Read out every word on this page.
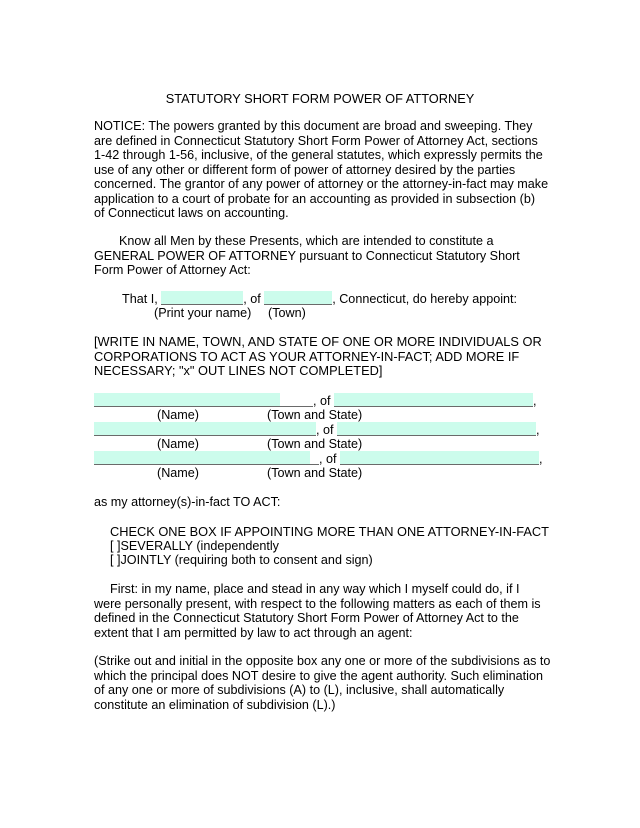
STATUTORY SHORT FORM POWER OF ATTORNEY

NOTICE: The powers granted by this document are broad and sweeping. They are defined in Connecticut Statutory Short Form Power of Attorney Act, sections 1-42 through 1-56, inclusive, of the general statutes, which expressly permits the use of any other or different form of power of attorney desired by the parties concerned. The grantor of any power of attorney or the attorney-in-fact may make application to a court of probate for an accounting as provided in subsection (b) of Connecticut laws on accounting.

Know all Men by these Presents, which are intended to constitute a GENERAL POWER OF ATTORNEY pursuant to Connecticut Statutory Short Form Power of Attorney Act:

That I,	, of	, Connecticut, do hereby appoint:
(Print your name) (Town)

[WRITE IN NAME, TOWN, AND STATE OF ONE OR MORE INDIVIDUALS OR CORPORATIONS TO ACT AS YOUR ATTORNEY-IN-FACT; ADD MORE IF NECESSARY; "x" OUT LINES NOT COMPLETED]

, of	,
(Name)	(Town and State)
, of	,
(Name)	(Town and State)
, of	,
(Name)	(Town and State)
as my attorney(s)-in-fact TO ACT:
CHECK ONE BOX IF APPOINTING MORE THAN ONE ATTORNEY-IN-FACT
[ ]SEVERALLY (independently
[ ]JOINTLY (requiring both to consent and sign)

First: in my name, place and stead in any way which I myself could do, if I were personally present, with respect to the following matters as each of them is defined in the Connecticut Statutory Short Form Power of Attorney Act to the extent that I am permitted by law to act through an agent:

(Strike out and initial in the opposite box any one or more of the subdivisions as to which the principal does NOT desire to give the agent authority. Such elimination of any one or more of subdivisions (A) to (L), inclusive, shall automatically constitute an elimination of subdivision (L).)
